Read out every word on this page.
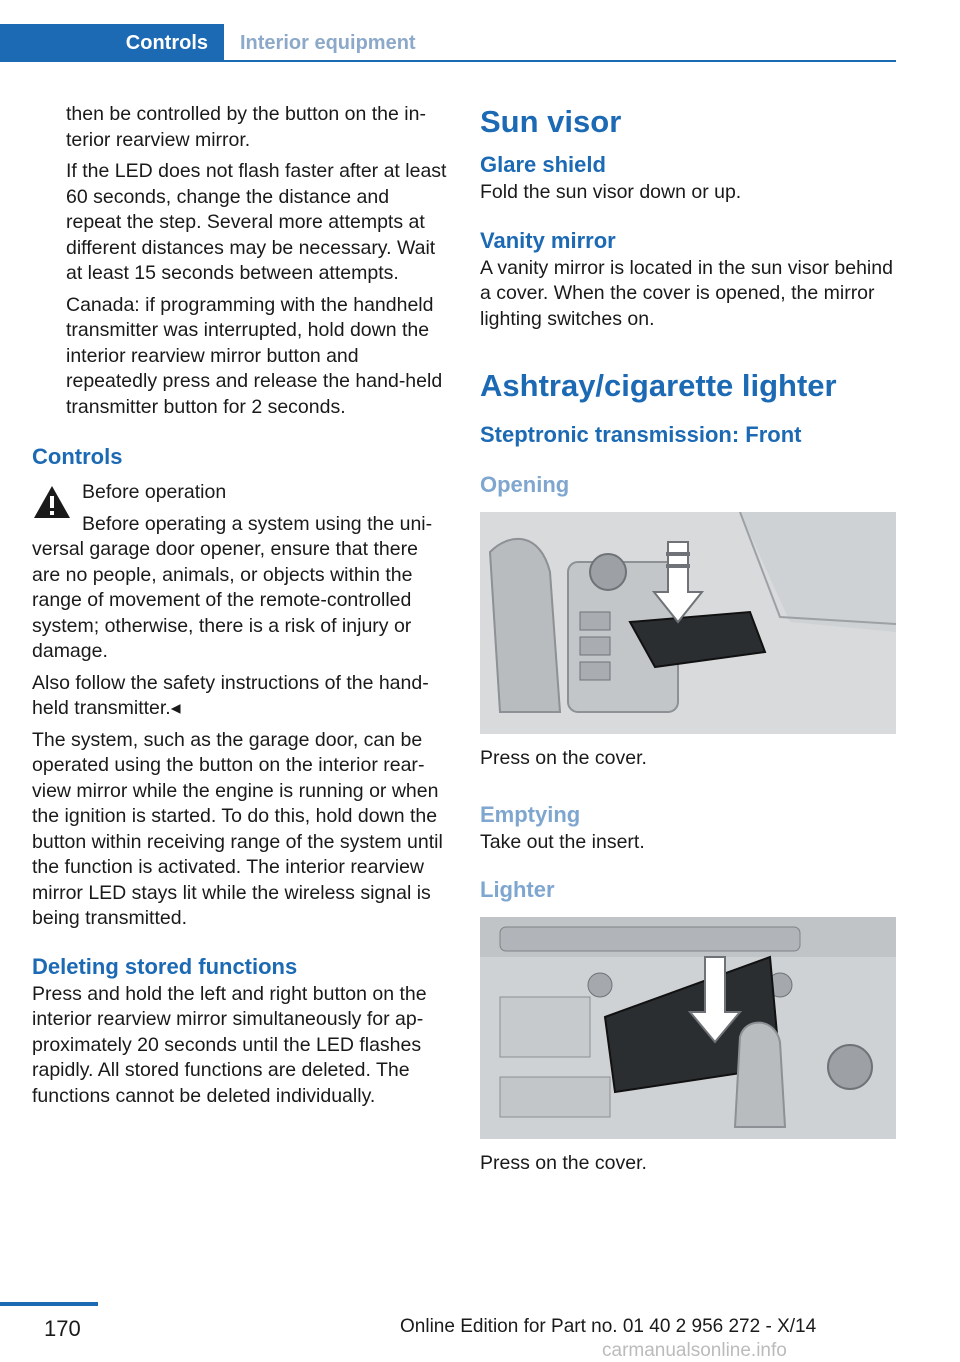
Controls	Interior equipment

then be controlled by the button on the interior rearview mirror.

If the LED does not flash faster after at least 60 seconds, change the distance and repeat the step. Several more attempts at different distances may be necessary. Wait at least 15 seconds between attempts.

Canada: if programming with the handheld transmitter was interrupted, hold down the interior rearview mirror button and repeatedly press and release the hand-held transmitter button for 2 seconds.

Controls

Before operation

Before operating a system using the universal garage door opener, ensure that there are no people, animals, or objects within the range of movement of the remote-controlled system; otherwise, there is a risk of injury or damage.

Also follow the safety instructions of the hand-held transmitter.◂

The system, such as the garage door, can be operated using the button on the interior rearview mirror while the engine is running or when the ignition is started. To do this, hold down the button within receiving range of the system until the function is activated. The interior rearview mirror LED stays lit while the wireless signal is being transmitted.

Deleting stored functions

Press and hold the left and right button on the interior rearview mirror simultaneously for approximately 20 seconds until the LED flashes rapidly. All stored functions are deleted. The functions cannot be deleted individually.

Sun visor
Glare shield

Fold the sun visor down or up.

Vanity mirror

A vanity mirror is located in the sun visor behind a cover. When the cover is opened, the mirror lighting switches on.

Ashtray/cigarette lighter
Steptronic transmission: Front
Opening

Press on the cover.

Emptying

Take out the insert.

Lighter

Press on the cover.

170	Online Edition for Part no. 01 40 2 956 272 - X/14
carmanualsonline.info
